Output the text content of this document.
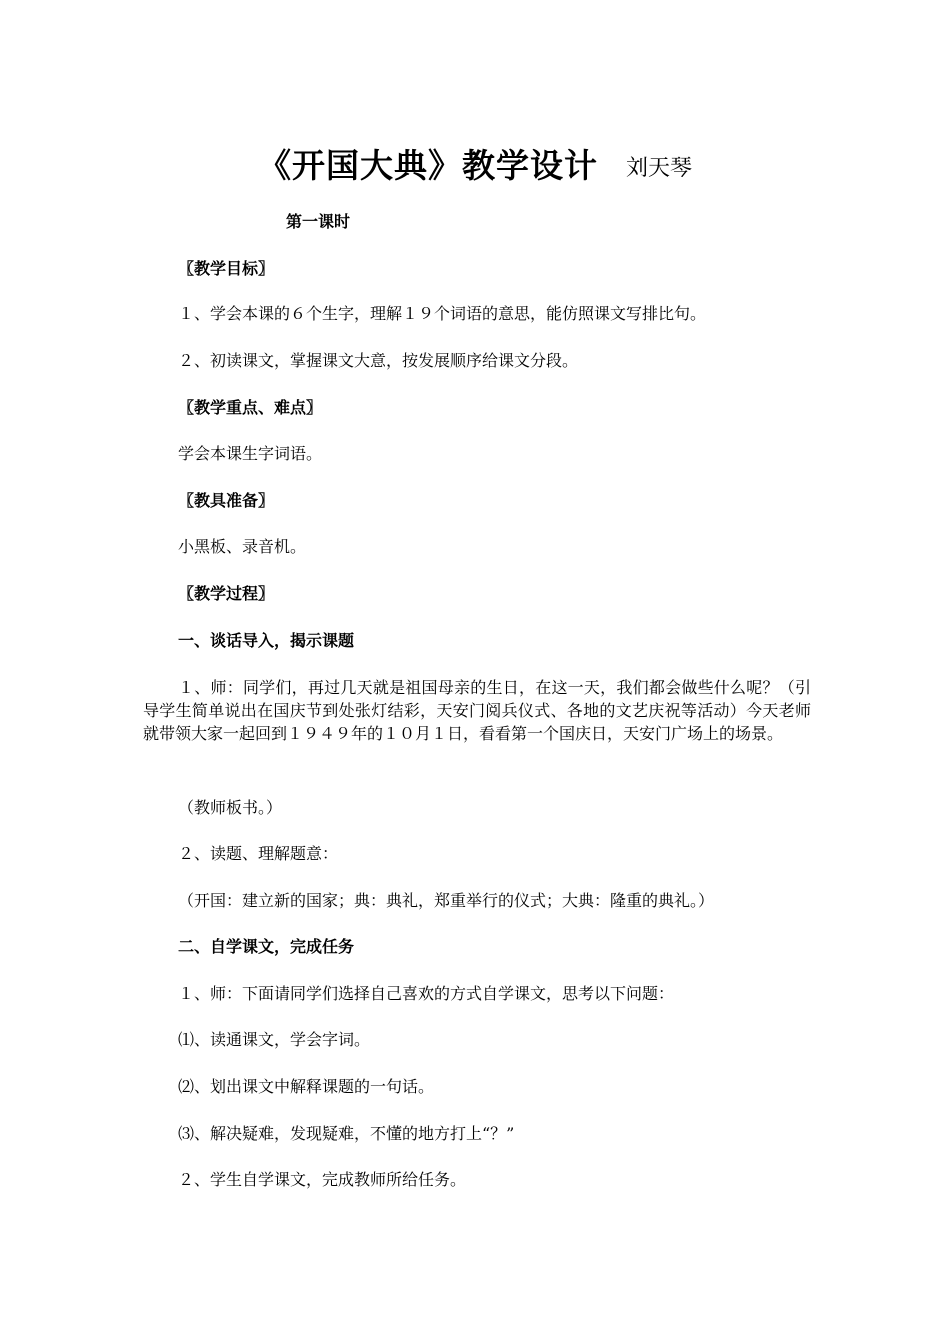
《开国大典》教学设计 刘天琴
第一课时
〖教学目标〗
１、学会本课的６个生字，理解１９个词语的意思，能仿照课文写排比句。
２、初读课文，掌握课文大意，按发展顺序给课文分段。
〖教学重点、难点〗
学会本课生字词语。
〖教具准备〗
小黑板、录音机。
〖教学过程〗
一、谈话导入，揭示课题
１、师：同学们，再过几天就是祖国母亲的生日，在这一天，我们都会做些什么呢？（引导学生简单说出在国庆节到处张灯结彩，天安门阅兵仪式、各地的文艺庆祝等活动）今天老师就带领大家一起回到１９４９年的１０月１日，看看第一个国庆日，天安门广场上的场景。
（教师板书。）
２、读题、理解题意：
（开国：建立新的国家；典：典礼，郑重举行的仪式；大典：隆重的典礼。）
二、自学课文，完成任务
１、师：下面请同学们选择自己喜欢的方式自学课文，思考以下问题：
⑴、读通课文，学会字词。
⑵、划出课文中解释课题的一句话。
⑶、解决疑难，发现疑难，不懂的地方打上“？”
２、学生自学课文，完成教师所给任务。
